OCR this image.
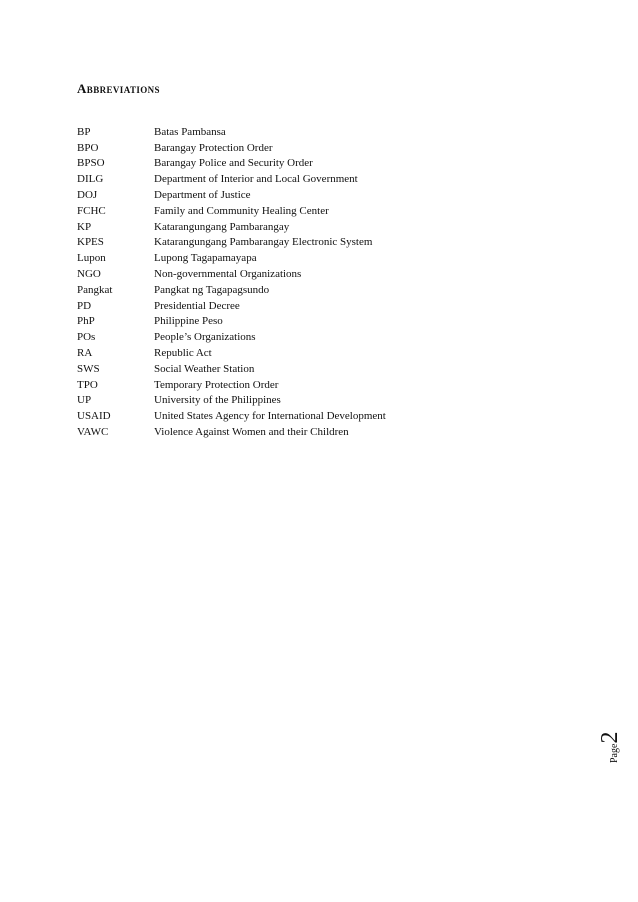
Abbreviations
BP	Batas Pambansa
BPO	Barangay Protection Order
BPSO	Barangay Police and Security Order
DILG	Department of Interior and Local Government
DOJ	Department of Justice
FCHC	Family and Community Healing Center
KP	Katarangungang Pambarangay
KPES	Katarangungang Pambarangay Electronic System
Lupon	Lupong Tagapamayapa
NGO	Non-governmental Organizations
Pangkat	Pangkat ng Tagapagsundo
PD	Presidential Decree
PhP	Philippine Peso
POs	People’s Organizations
RA	Republic Act
SWS	Social Weather Station
TPO	Temporary Protection Order
UP	University of the Philippines
USAID	United States Agency for International Development
VAWC	Violence Against Women and their Children
Page
2
